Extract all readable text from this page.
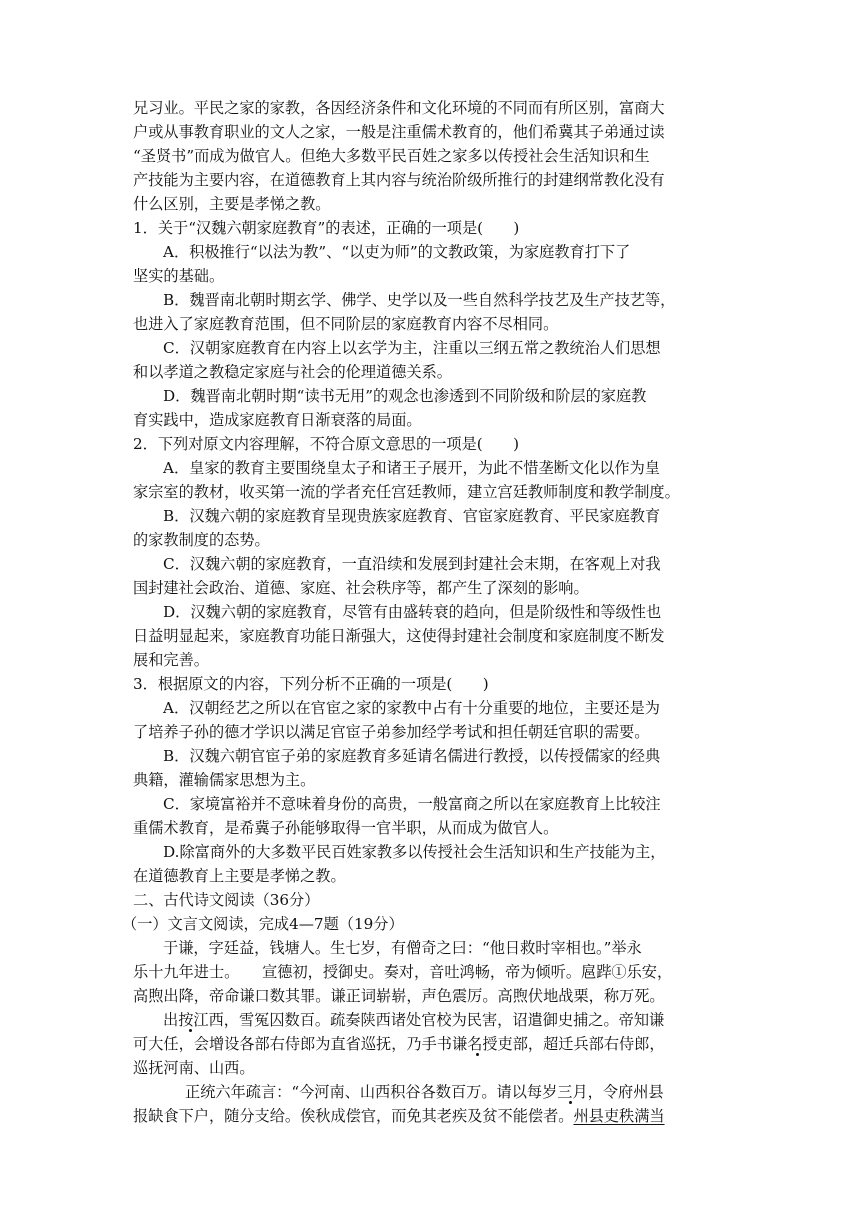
兄习业。平民之家的家教，各因经济条件和文化环境的不同而有所区别，富商大
户或从事教育职业的文人之家，一般是注重儒术教育的，他们希冀其子弟通过读
“圣贤书”而成为做官人。但绝大多数平民百姓之家多以传授社会生活知识和生
产技能为主要内容，在道德教育上其内容与统治阶级所推行的封建纲常教化没有
什么区别，主要是孝悌之教。
1．关于“汉魏六朝家庭教育”的表述，正确的一项是(　　)
A．积极推行“以法为教”、“以吏为师”的文教政策，为家庭教育打下了
坚实的基础。
B．魏晋南北朝时期玄学、佛学、史学以及一些自然科学技艺及生产技艺等，
也进入了家庭教育范围，但不同阶层的家庭教育内容不尽相同。
C．汉朝家庭教育在内容上以玄学为主，注重以三纲五常之教统治人们思想
和以孝道之教稳定家庭与社会的伦理道德关系。
D．魏晋南北朝时期“读书无用”的观念也渗透到不同阶级和阶层的家庭教
育实践中，造成家庭教育日渐衰落的局面。
2．下列对原文内容理解，不符合原文意思的一项是(　　)
A．皇家的教育主要围绕皇太子和诸王子展开，为此不惜垄断文化以作为皇
家宗室的教材，收买第一流的学者充任宫廷教师，建立宫廷教师制度和教学制度。
B．汉魏六朝的家庭教育呈现贵族家庭教育、官宦家庭教育、平民家庭教育
的家教制度的态势。
C．汉魏六朝的家庭教育，一直沿续和发展到封建社会末期，在客观上对我
国封建社会政治、道德、家庭、社会秩序等，都产生了深刻的影响。
D．汉魏六朝的家庭教育，尽管有由盛转衰的趋向，但是阶级性和等级性也
日益明显起来，家庭教育功能日渐强大，这使得封建社会制度和家庭制度不断发
展和完善。
3．根据原文的内容，下列分析不正确的一项是(　　)
A．汉朝经艺之所以在官宦之家的家教中占有十分重要的地位，主要还是为
了培养子孙的德才学识以满足官宦子弟参加经学考试和担任朝廷官职的需要。
B．汉魏六朝官宦子弟的家庭教育多延请名儒进行教授，以传授儒家的经典
典籍，灌输儒家思想为主。
C．家境富裕并不意味着身份的高贵，一般富商之所以在家庭教育上比较注
重儒术教育，是希冀子孙能够取得一官半职，从而成为做官人。
D.除富商外的大多数平民百姓家教多以传授社会生活知识和生产技能为主，
在道德教育上主要是孝悌之教。
二、古代诗文阅读（36分）
（一）文言文阅读，完成4—7题（19分）
于谦，字廷益，钱塘人。生七岁，有僧奇之曰：“他日救时宰相也。”举永
乐十九年进士。　　宣德初，授御史。奏对，音吐鸿畅，帝为倾听。扈跸①乐安，
高煦出降，帝命谦口数其罪。谦正词崭崭，声色震厉。高煦伏地战栗，称万死。
出按江西，雪冤囚数百。疏奏陕西诸处官校为民害，诏遣御史捕之。帝知谦
可大任，会增设各部右侍郎为直省巡抚，乃手书谦名授吏部，超迁兵部右侍郎，
巡抚河南、山西。
正统六年疏言：“今河南、山西积谷各数百万。请以每岁三月，令府州县
报缺食下户，随分支给。俟秋成偿官，而免其老疾及贫不能偿者。州县吏秩满当
